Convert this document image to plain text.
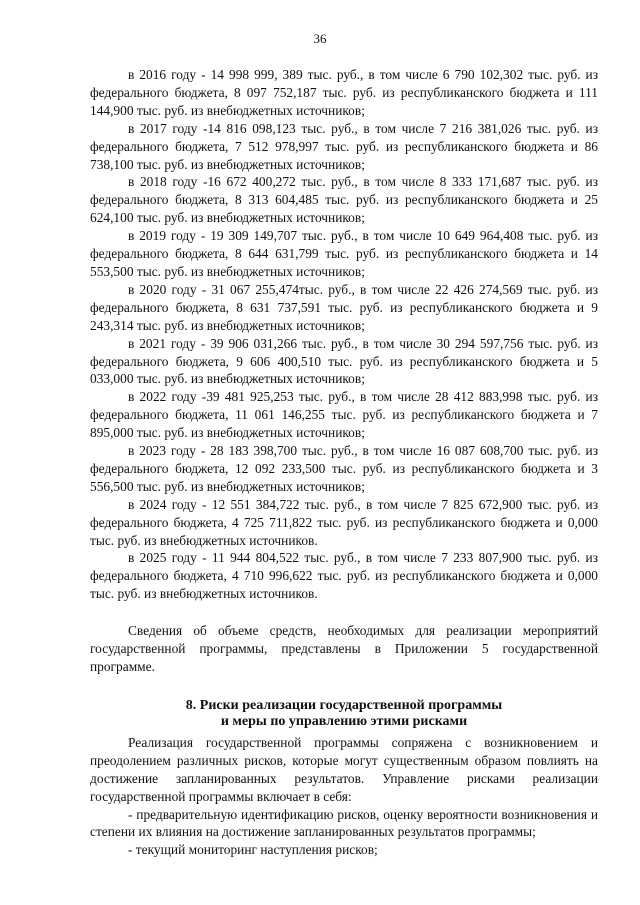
36

в 2016 году - 14 998 999, 389 тыс. руб., в том числе 6 790 102,302 тыс. руб. из федерального бюджета, 8 097 752,187 тыс. руб. из республиканского бюджета и 111 144,900 тыс. руб. из внебюджетных источников;

в 2017 году -14 816 098,123 тыс. руб., в том числе 7 216 381,026 тыс. руб. из федерального бюджета, 7 512 978,997 тыс. руб. из республиканского бюджета и 86 738,100 тыс. руб. из внебюджетных источников;

в 2018 году -16 672 400,272 тыс. руб., в том числе 8 333 171,687 тыс. руб. из федерального бюджета, 8 313 604,485 тыс. руб. из республиканского бюджета и 25 624,100 тыс. руб. из внебюджетных источников;

в 2019 году - 19 309 149,707 тыс. руб., в том числе 10 649 964,408 тыс. руб. из федерального бюджета, 8 644 631,799 тыс. руб. из республиканского бюджета и 14 553,500 тыс. руб. из внебюджетных источников;

в 2020 году - 31 067 255,474тыс. руб., в том числе 22 426 274,569 тыс. руб. из федерального бюджета, 8 631 737,591 тыс. руб. из республиканского бюджета и 9 243,314 тыс. руб. из внебюджетных источников;

в 2021 году - 39 906 031,266 тыс. руб., в том числе 30 294 597,756 тыс. руб. из федерального бюджета, 9 606 400,510 тыс. руб. из республиканского бюджета и 5 033,000 тыс. руб. из внебюджетных источников;

в 2022 году -39 481 925,253 тыс. руб., в том числе 28 412 883,998 тыс. руб. из федерального бюджета, 11 061 146,255 тыс. руб. из республиканского бюджета и 7 895,000 тыс. руб. из внебюджетных источников;

в 2023 году - 28 183 398,700 тыс. руб., в том числе 16 087 608,700 тыс. руб. из федерального бюджета, 12 092 233,500 тыс. руб. из республиканского бюджета и 3 556,500 тыс. руб. из внебюджетных источников;

в 2024 году - 12 551 384,722 тыс. руб., в том числе 7 825 672,900 тыс. руб. из федерального бюджета, 4 725 711,822 тыс. руб. из республиканского бюджета и 0,000 тыс. руб. из внебюджетных источников.

в 2025 году - 11 944 804,522 тыс. руб., в том числе 7 233 807,900 тыс. руб. из федерального бюджета, 4 710 996,622 тыс. руб. из республиканского бюджета и 0,000 тыс. руб. из внебюджетных источников.

Сведения об объеме средств, необходимых для реализации мероприятий государственной программы, представлены в Приложении 5 государственной программе.

8. Риски реализации государственной программы
и меры по управлению этими рисками

Реализация государственной программы сопряжена с возникновением и преодолением различных рисков, которые могут существенным образом повлиять на достижение запланированных результатов. Управление рисками реализации государственной программы включает в себя:

- предварительную идентификацию рисков, оценку вероятности возникновения и степени их влияния на достижение запланированных результатов программы;

- текущий мониторинг наступления рисков;
